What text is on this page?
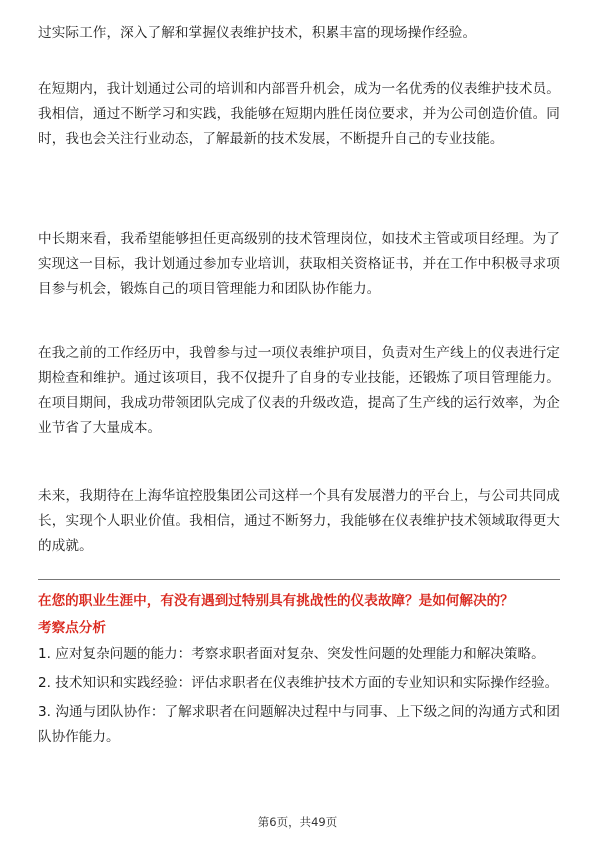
过实际工作，深入了解和掌握仪表维护技术，积累丰富的现场操作经验。

在短期内，我计划通过公司的培训和内部晋升机会，成为一名优秀的仪表维护技术员。我相信，通过不断学习和实践，我能够在短期内胜任岗位要求，并为公司创造价值。同时，我也会关注行业动态，了解最新的技术发展，不断提升自己的专业技能。

中长期来看，我希望能够担任更高级别的技术管理岗位，如技术主管或项目经理。为了实现这一目标，我计划通过参加专业培训，获取相关资格证书，并在工作中积极寻求项目参与机会，锻炼自己的项目管理能力和团队协作能力。

在我之前的工作经历中，我曾参与过一项仪表维护项目，负责对生产线上的仪表进行定期检查和维护。通过该项目，我不仅提升了自身的专业技能，还锻炼了项目管理能力。在项目期间，我成功带领团队完成了仪表的升级改造，提高了生产线的运行效率，为企业节省了大量成本。

未来，我期待在上海华谊控股集团公司这样一个具有发展潜力的平台上，与公司共同成长，实现个人职业价值。我相信，通过不断努力，我能够在仪表维护技术领域取得更大的成就。

在您的职业生涯中，有没有遇到过特别具有挑战性的仪表故障？是如何解决的？

考察点分析

1. 应对复杂问题的能力：考察求职者面对复杂、突发性问题的处理能力和解决策略。
2. 技术知识和实践经验：评估求职者在仪表维护技术方面的专业知识和实际操作经验。
3. 沟通与团队协作：了解求职者在问题解决过程中与同事、上下级之间的沟通方式和团队协作能力。
第6页，共49页
